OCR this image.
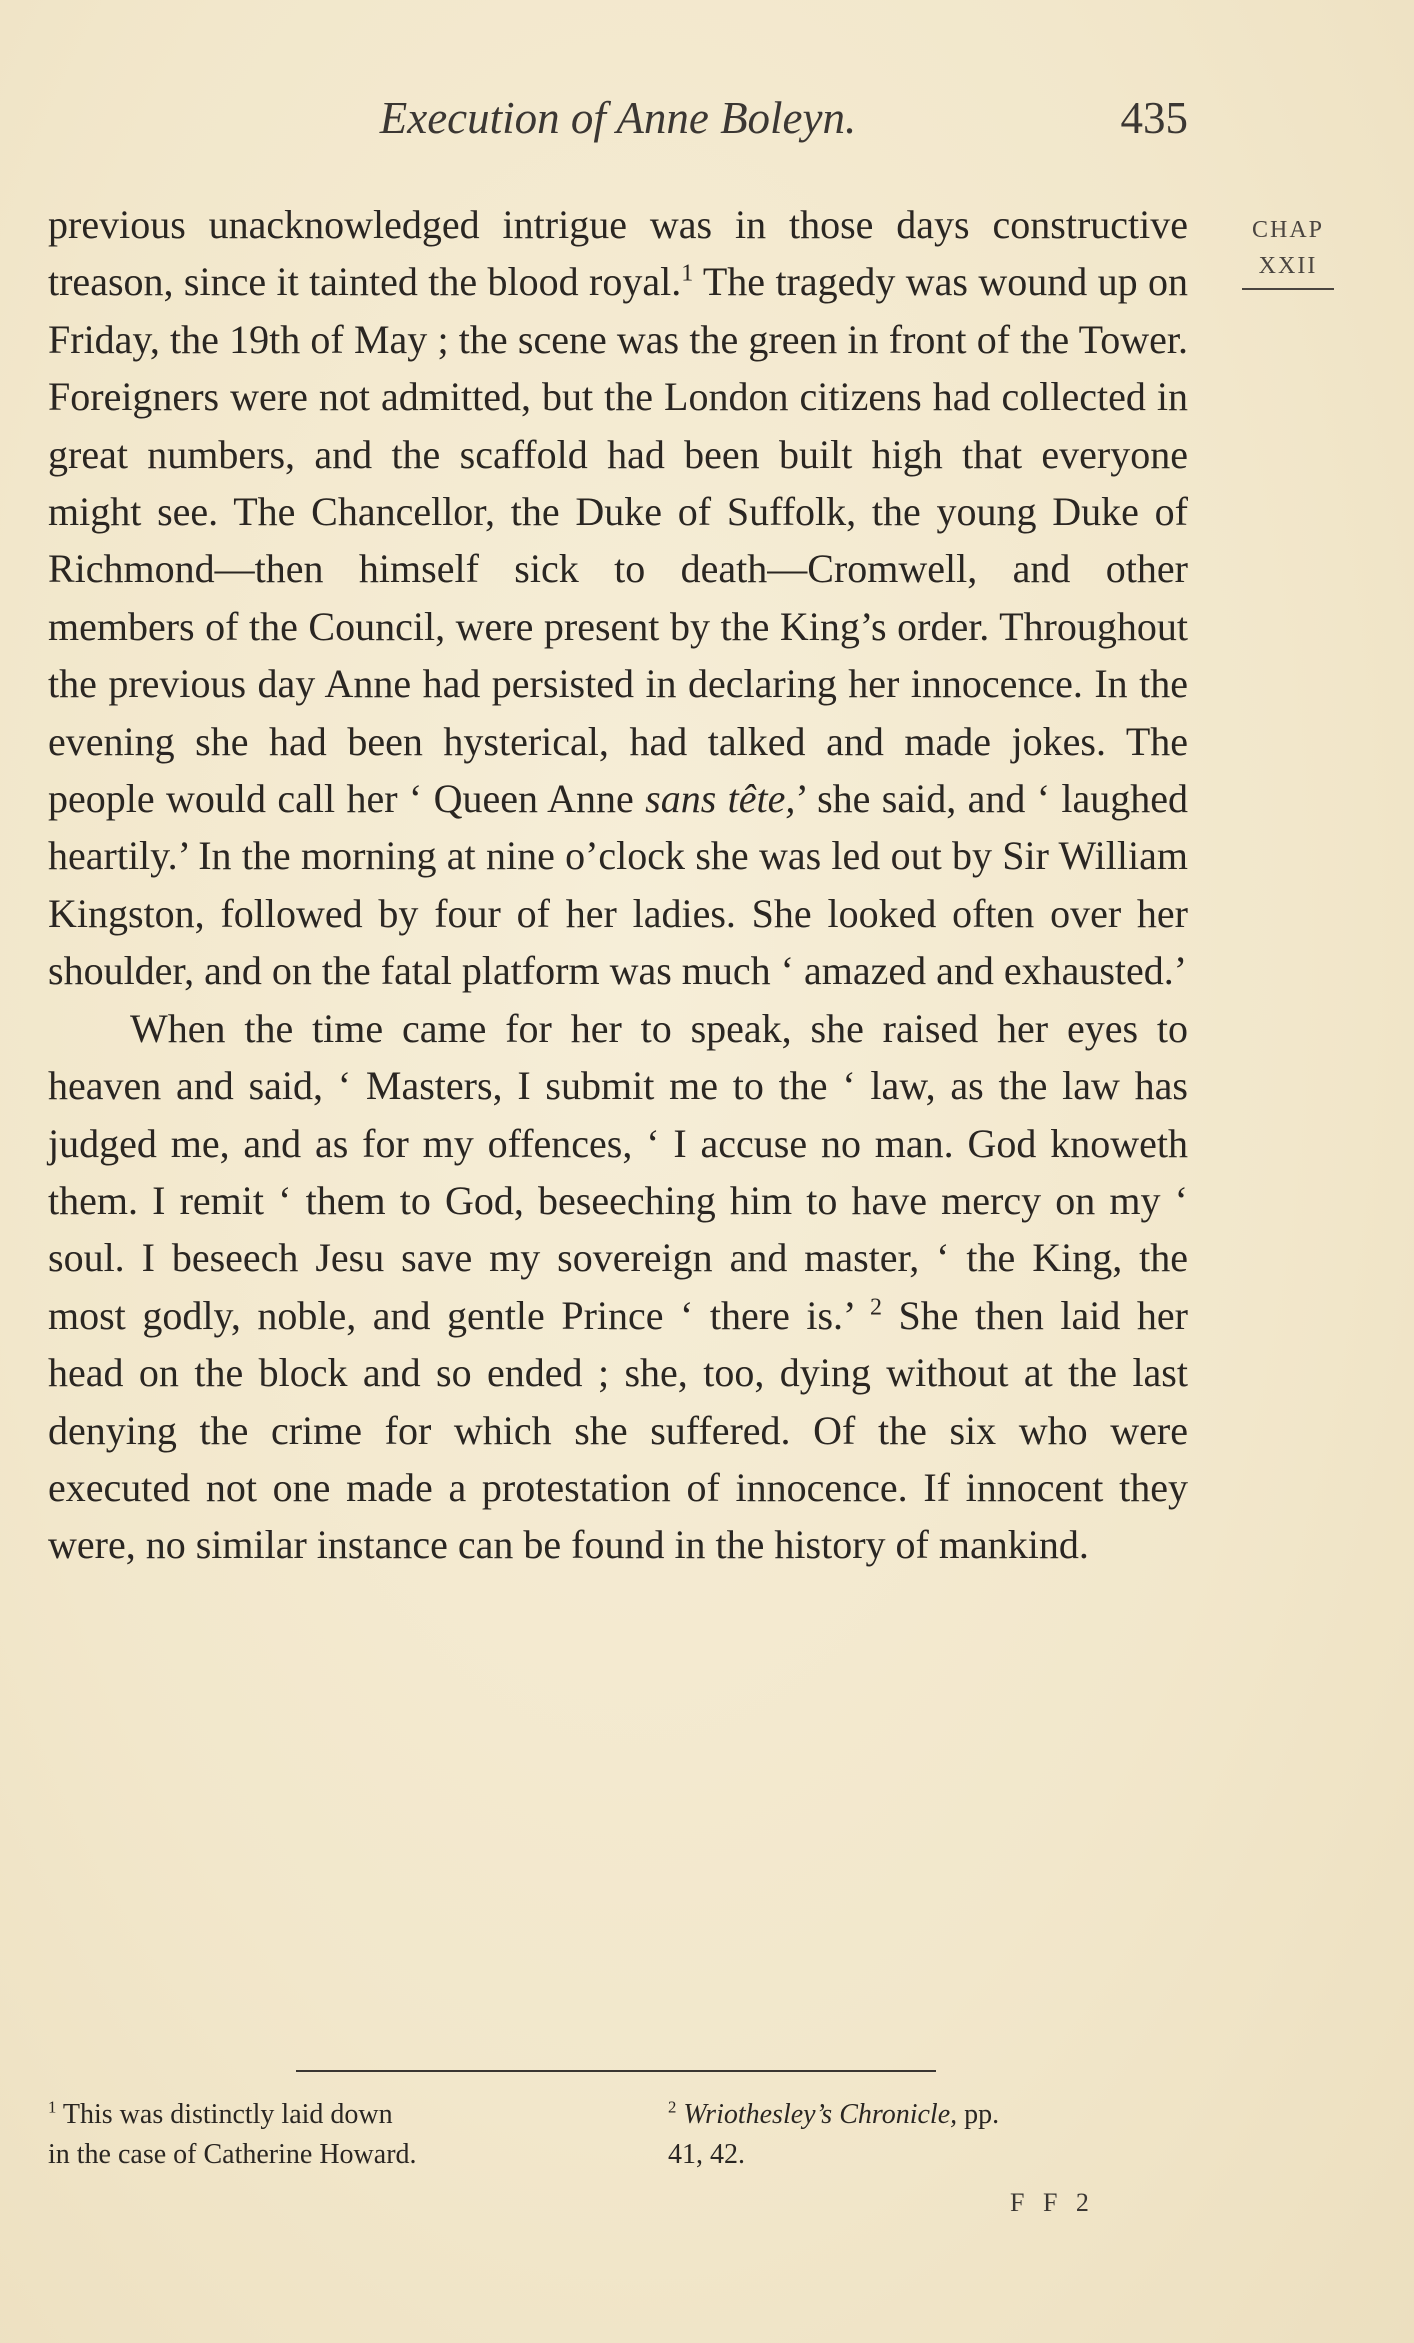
Execution of Anne Boleyn.	435
CHAP
XXII

previous unacknowledged intrigue was in those days constructive treason, since it tainted the blood royal.$^1$ The tragedy was wound up on Friday, the 19th of May ; the scene was the green in front of the Tower. Foreigners were not admitted, but the London citizens had collected in great numbers, and the scaffold had been built high that everyone might see. The Chancellor, the Duke of Suffolk, the young Duke of Richmond—then himself sick to death—Cromwell, and other members of the Council, were present by the King’s order. Throughout the previous day Anne had persisted in declaring her innocence. In the evening she had been hysterical, had talked and made jokes. The people would call her ‘ Queen Anne sans tête,’ she said, and ‘ laughed heartily.’ In the morning at nine o’clock she was led out by Sir William Kingston, followed by four of her ladies. She looked often over her shoulder, and on the fatal platform was much ‘ amazed and exhausted.’

When the time came for her to speak, she raised her eyes to heaven and said, ‘ Masters, I submit me to the ‘ law, as the law has judged me, and as for my offences, ‘ I accuse no man. God knoweth them. I remit ‘ them to God, beseeching him to have mercy on my ‘ soul. I beseech Jesu save my sovereign and master, ‘ the King, the most godly, noble, and gentle Prince ‘ there is.’ $^2$ She then laid her head on the block and so ended ; she, too, dying without at the last denying the crime for which she suffered. Of the six who were executed not one made a protestation of innocence. If innocent they were, no similar instance can be found in the history of mankind.

$^1$ This was distinctly laid down
in the case of Catherine Howard.
$^2$ Wriothesley’s Chronicle, pp.
41, 42.
F F 2
